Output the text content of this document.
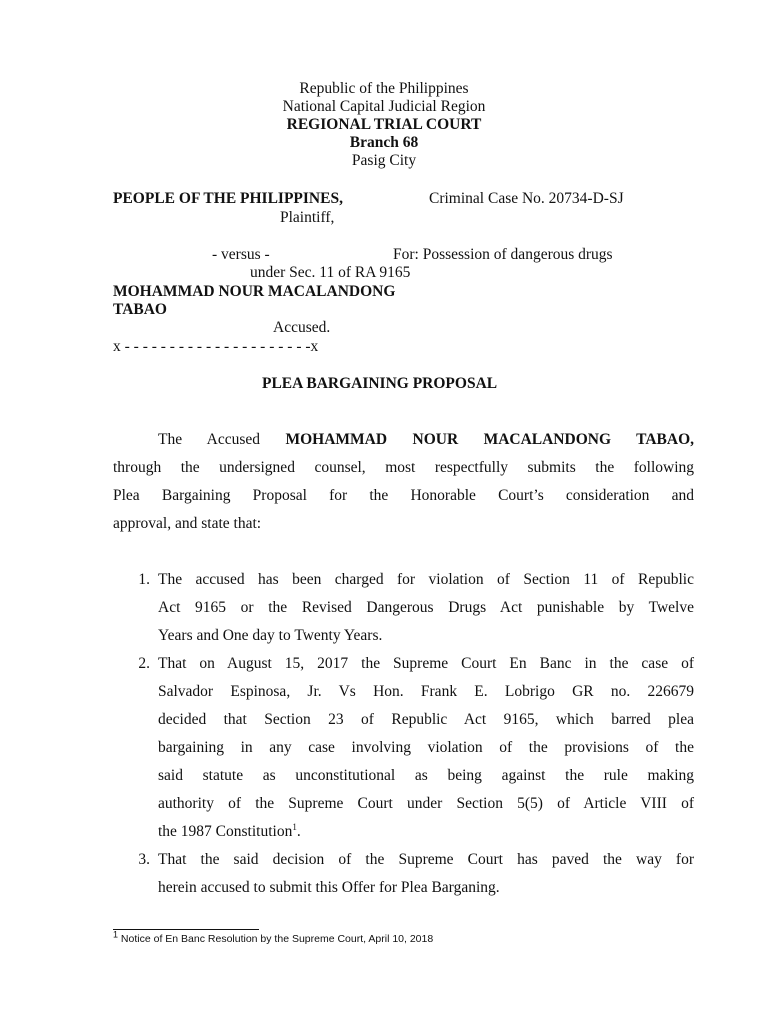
Republic of the Philippines
National Capital Judicial Region
REGIONAL TRIAL COURT
Branch 68
Pasig City
PEOPLE OF THE PHILIPPINES,	Criminal Case No. 20734-D-SJ
Plaintiff,
- versus -	For: Possession of dangerous drugs
under Sec. 11 of RA 9165
MOHAMMAD NOUR MACALANDONG
TABAO
Accused.
x - - - - - - - - - - - - - - - - - - - - -x
PLEA BARGAINING PROPOSAL
The Accused MOHAMMAD NOUR MACALANDONG TABAO,
through the undersigned counsel, most respectfully submits the following
Plea Bargaining Proposal for the Honorable Court’s consideration and
approval, and state that:
1. The accused has been charged for violation of Section 11 of Republic
Act 9165 or the Revised Dangerous Drugs Act punishable by Twelve
Years and One day to Twenty Years.
2. That on August 15, 2017 the Supreme Court En Banc in the case of
Salvador Espinosa, Jr. Vs Hon. Frank E. Lobrigo GR no. 226679
decided that Section 23 of Republic Act 9165, which barred plea
bargaining in any case involving violation of the provisions of the
said statute as unconstitutional as being against the rule making
authority of the Supreme Court under Section 5(5) of Article VIII of
the 1987 Constitution$^1$.
3. That the said decision of the Supreme Court has paved the way for
herein accused to submit this Offer for Plea Barganing.
$^1$ Notice of En Banc Resolution by the Supreme Court, April 10, 2018
